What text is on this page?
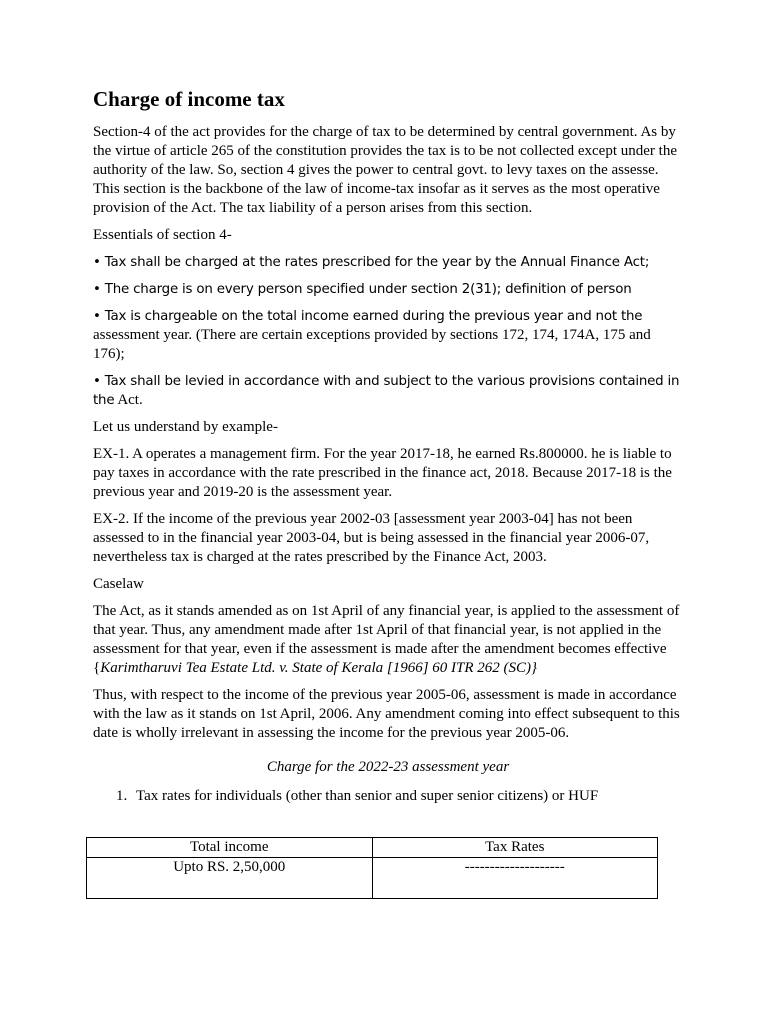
Charge of income tax

Section-4 of the act provides for the charge of tax to be determined by central government. As by the virtue of article 265 of the constitution provides the tax is to be not collected except under the authority of the law. So, section 4 gives the power to central govt. to levy taxes on the assesse. This section is the backbone of the law of income-tax insofar as it serves as the most operative provision of the Act. The tax liability of a person arises from this section.

Essentials of section 4-

• Tax shall be charged at the rates prescribed for the year by the Annual Finance Act;

• The charge is on every person specified under section 2(31); definition of person

• Tax is chargeable on the total income earned during the previous year and not the assessment year. (There are certain exceptions provided by sections 172, 174, 174A, 175 and 176);

• Tax shall be levied in accordance with and subject to the various provisions contained in the Act.

Let us understand by example-

EX-1. A operates a management firm. For the year 2017-18, he earned Rs.800000. he is liable to pay taxes in accordance with the rate prescribed in the finance act, 2018. Because 2017-18 is the previous year and 2019-20 is the assessment year.

EX-2. If the income of the previous year 2002-03 [assessment year 2003-04] has not been assessed to in the financial year 2003-04, but is being assessed in the financial year 2006-07, nevertheless tax is charged at the rates prescribed by the Finance Act, 2003.

Caselaw

The Act, as it stands amended as on 1st April of any financial year, is applied to the assessment of that year. Thus, any amendment made after 1st April of that financial year, is not applied in the assessment for that year, even if the assessment is made after the amendment becomes effective {Karimtharuvi Tea Estate Ltd. v. State of Kerala [1966] 60 ITR 262 (SC)}

Thus, with respect to the income of the previous year 2005-06, assessment is made in accordance with the law as it stands on 1st April, 2006. Any amendment coming into effect subsequent to this date is wholly irrelevant in assessing the income for the previous year 2005-06.

Charge for the 2022-23 assessment year
1. Tax rates for individuals (other than senior and super senior citizens) or HUF
Total income	Tax Rates
Upto RS. 2,50,000	--------------------
